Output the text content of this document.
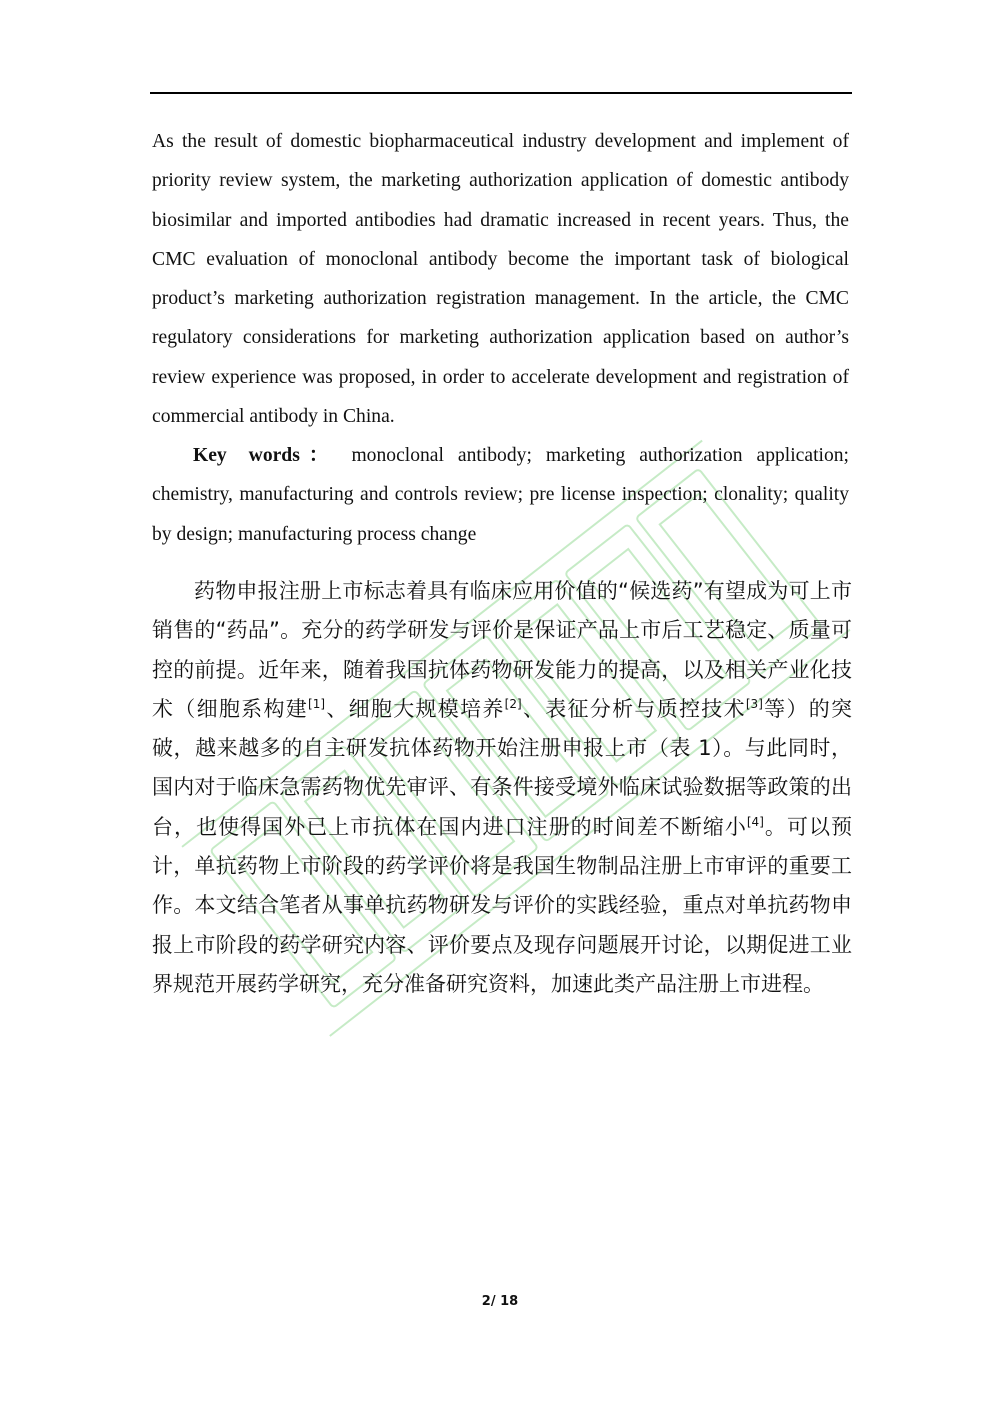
As the result of domestic biopharmaceutical industry development and implement of priority review system, the marketing authorization application of domestic antibody biosimilar and imported antibodies had dramatic increased in recent years. Thus, the CMC evaluation of monoclonal antibody become the important task of biological product’s marketing authorization registration management. In the article, the CMC regulatory considerations for marketing authorization application based on author’s review experience was proposed, in order to accelerate development and registration of commercial antibody in China.

Key words： monoclonal antibody; marketing authorization application; chemistry, manufacturing and controls review; pre license inspection; clonality; quality by design; manufacturing process change

药物申报注册上市标志着具有临床应用价值的“候选药”有望成为可上市销售的“药品”。充分的药学研发与评价是保证产品上市后工艺稳定、质量可控的前提。近年来，随着我国抗体药物研发能力的提高，以及相关产业化技术（细胞系构建[1]、细胞大规模培养[2]、表征分析与质控技术[3]等）的突破，越来越多的自主研发抗体药物开始注册申报上市（表 1）。与此同时，国内对于临床急需药物优先审评、有条件接受境外临床试验数据等政策的出台，也使得国外已上市抗体在国内进口注册的时间差不断缩小[4]。可以预计，单抗药物上市阶段的药学评价将是我国生物制品注册上市审评的重要工作。本文结合笔者从事单抗药物研发与评价的实践经验，重点对单抗药物申报上市阶段的药学研究内容、评价要点及现存问题展开讨论，以期促进工业界规范开展药学研究，充分准备研究资料，加速此类产品注册上市进程。

2/ 18
